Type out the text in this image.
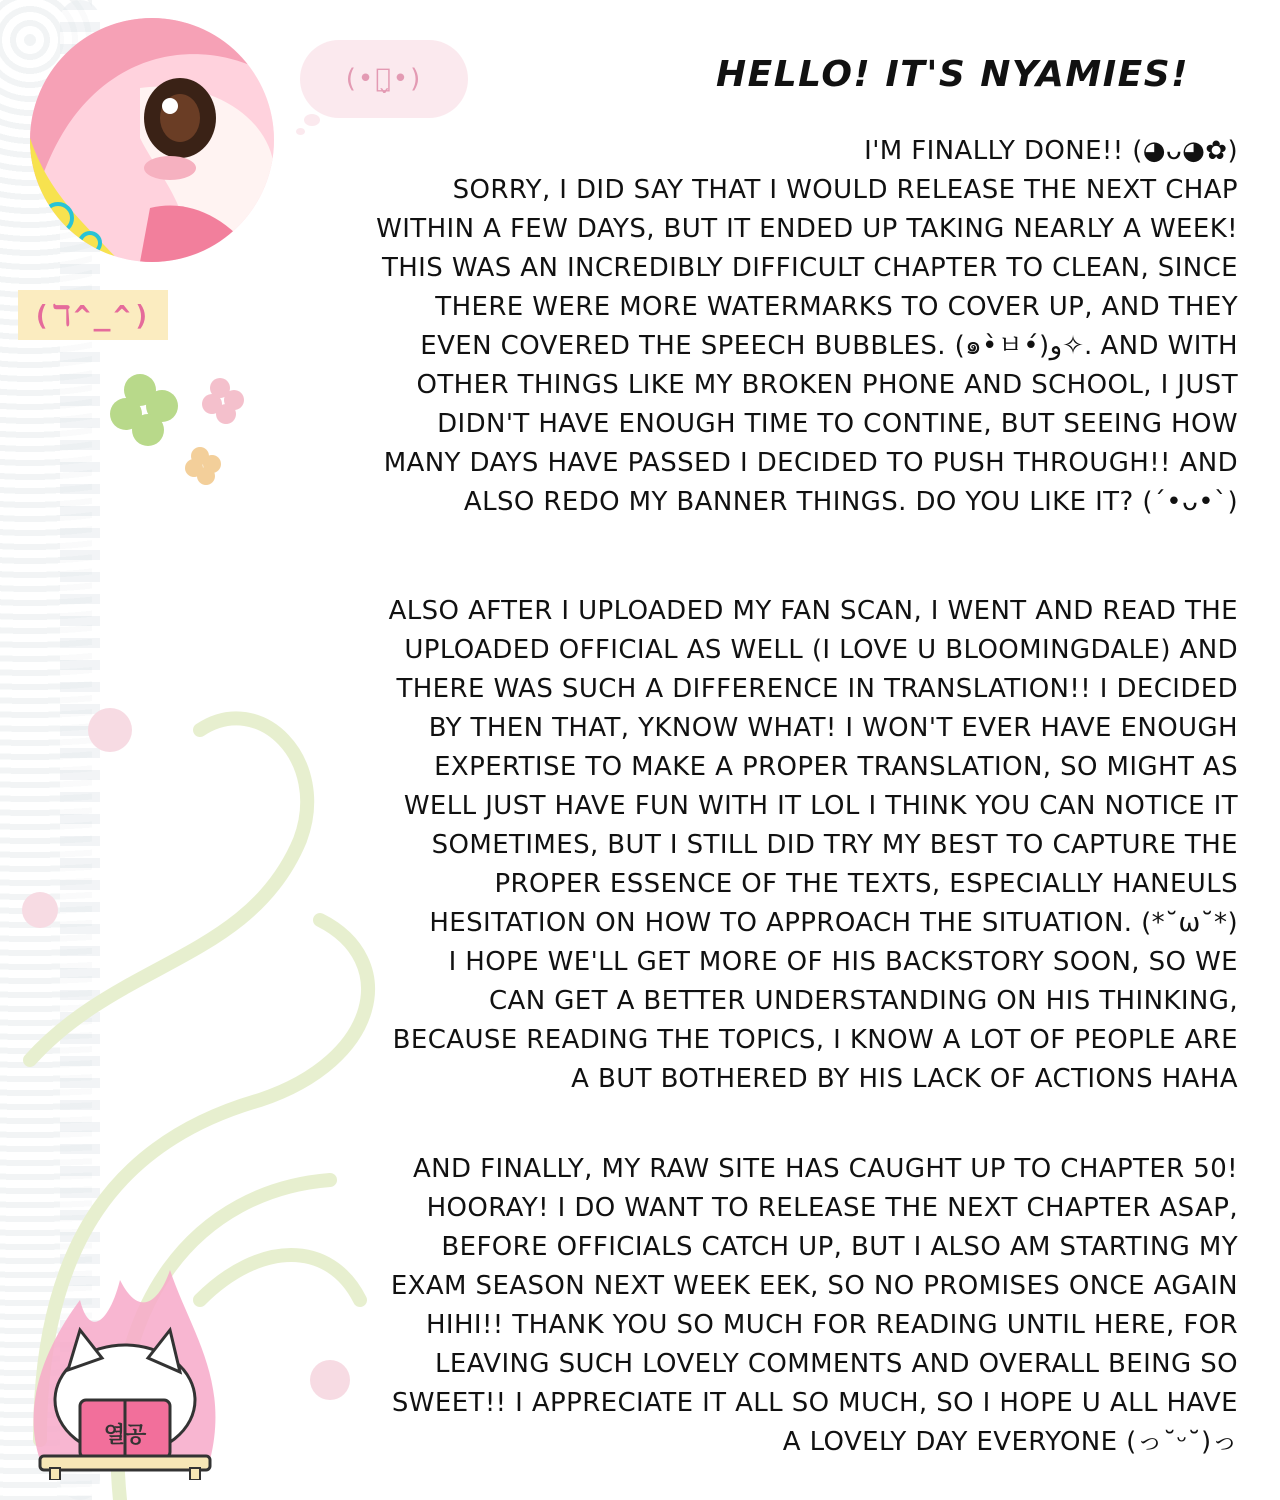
(•ꈍ̬•)
(ℸ^_^)
열공
HELLO! IT'S NYAMIES!
I'M FINALLY DONE!! (◕ᴗ◕✿)
SORRY, I DID SAY THAT I WOULD RELEASE THE NEXT CHAP
WITHIN A FEW DAYS, BUT IT ENDED UP TAKING NEARLY A WEEK!
THIS WAS AN INCREDIBLY DIFFICULT CHAPTER TO CLEAN, SINCE
THERE WERE MORE WATERMARKS TO COVER UP, AND THEY
EVEN COVERED THE SPEECH BUBBLES. (๑•̀ㅂ•́)و✧. AND WITH
OTHER THINGS LIKE MY BROKEN PHONE AND SCHOOL, I JUST
DIDN'T HAVE ENOUGH TIME TO CONTINE, BUT SEEING HOW
MANY DAYS HAVE PASSED I DECIDED TO PUSH THROUGH!! AND
ALSO REDO MY BANNER THINGS. DO YOU LIKE IT? (´•ᴗ•`)
ALSO AFTER I UPLOADED MY FAN SCAN, I WENT AND READ THE
UPLOADED OFFICIAL AS WELL (I LOVE U BLOOMINGDALE) AND
THERE WAS SUCH A DIFFERENCE IN TRANSLATION!! I DECIDED
BY THEN THAT, YKNOW WHAT! I WON'T EVER HAVE ENOUGH
EXPERTISE TO MAKE A PROPER TRANSLATION, SO MIGHT AS
WELL JUST HAVE FUN WITH IT LOL I THINK YOU CAN NOTICE IT
SOMETIMES, BUT I STILL DID TRY MY BEST TO CAPTURE THE
PROPER ESSENCE OF THE TEXTS, ESPECIALLY HANEULS
HESITATION ON HOW TO APPROACH THE SITUATION. (*˘ω˘*)
I HOPE WE'LL GET MORE OF HIS BACKSTORY SOON, SO WE
CAN GET A BETTER UNDERSTANDING ON HIS THINKING,
BECAUSE READING THE TOPICS, I KNOW A LOT OF PEOPLE ARE
A BUT BOTHERED BY HIS LACK OF ACTIONS HAHA
AND FINALLY, MY RAW SITE HAS CAUGHT UP TO CHAPTER 50!
HOORAY! I DO WANT TO RELEASE THE NEXT CHAPTER ASAP,
BEFORE OFFICIALS CATCH UP, BUT I ALSO AM STARTING MY
EXAM SEASON NEXT WEEK EEK, SO NO PROMISES ONCE AGAIN
HIHI!! THANK YOU SO MUCH FOR READING UNTIL HERE, FOR
LEAVING SUCH LOVELY COMMENTS AND OVERALL BEING SO
SWEET!! I APPRECIATE IT ALL SO MUCH, SO I HOPE U ALL HAVE
A LOVELY DAY EVERYONE (っ˘ᵕ˘)っ
